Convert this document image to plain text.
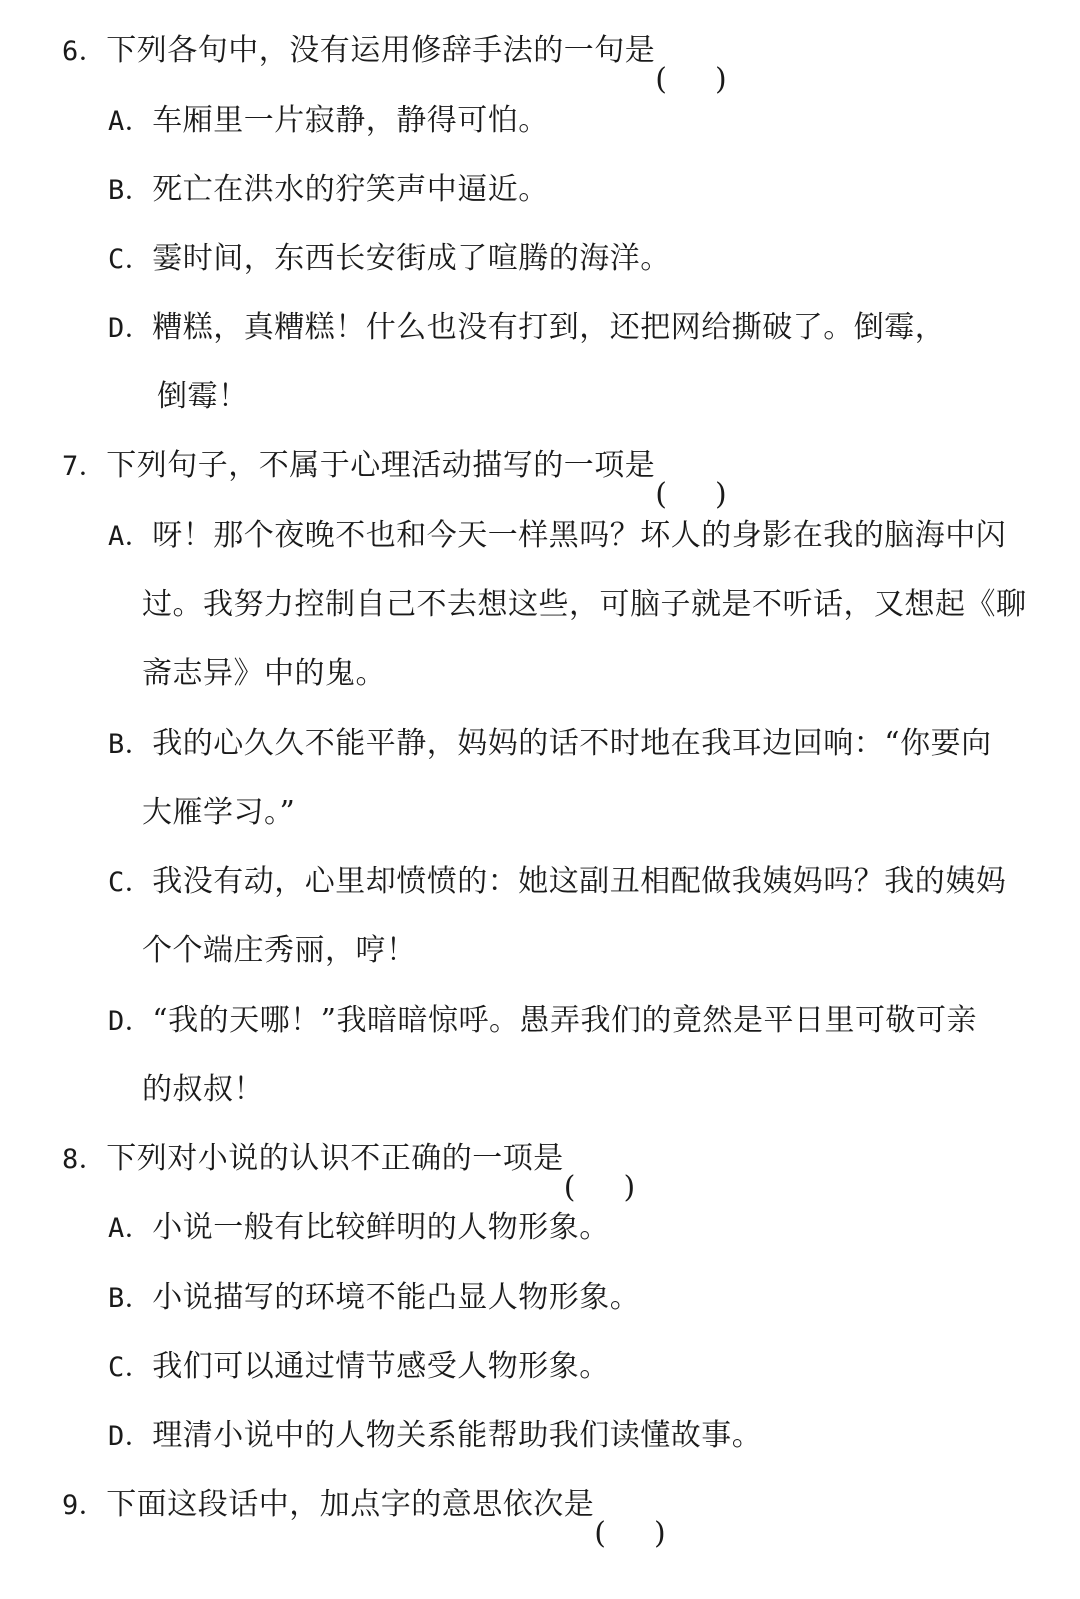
6．下列各句中，没有运用修辞手法的一句是
A．车厢里一片寂静，静得可怕。
B．死亡在洪水的狞笑声中逼近。
C．霎时间，东西长安街成了喧腾的海洋。
D．糟糕，真糟糕！什么也没有打到，还把网给撕破了。倒霉，
倒霉！
7．下列句子，不属于心理活动描写的一项是
A．呀！那个夜晚不也和今天一样黑吗？坏人的身影在我的脑海中闪
过。我努力控制自己不去想这些，可脑子就是不听话，又想起《聊
斋志异》中的鬼。
B．我的心久久不能平静，妈妈的话不时地在我耳边回响：“你要向
大雁学习。”
C．我没有动，心里却愤愤的：她这副丑相配做我姨妈吗？我的姨妈
个个端庄秀丽，哼！
D．“我的天哪！”我暗暗惊呼。愚弄我们的竟然是平日里可敬可亲
的叔叔！
8．下列对小说的认识不正确的一项是
A．小说一般有比较鲜明的人物形象。
B．小说描写的环境不能凸显人物形象。
C．我们可以通过情节感受人物形象。
D．理清小说中的人物关系能帮助我们读懂故事。
9．下面这段话中，加点字的意思依次是
